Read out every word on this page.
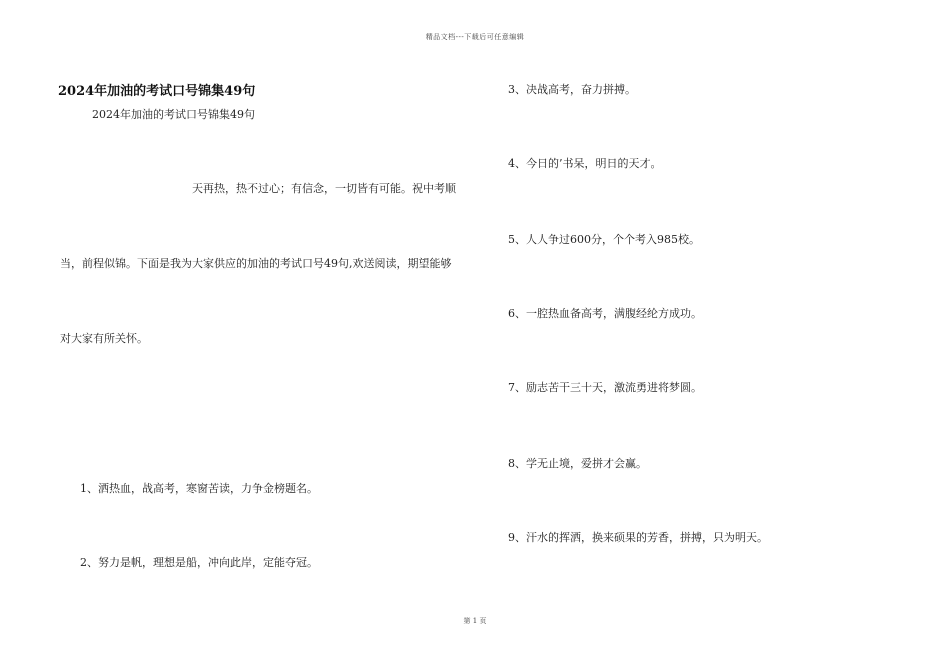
精品文档---下载后可任意编辑
2024年加油的考试口号锦集49句
2024年加油的考试口号锦集49句
天再热，热不过心；有信念，一切皆有可能。祝中考顺
当，前程似锦。下面是我为大家供应的加油的考试口号49句,欢送阅读，期望能够
对大家有所关怀。
1、洒热血，战高考，寒窗苦读，力争金榜题名。
2、努力是帆，理想是船，冲向此岸，定能夺冠。
3、决战高考，奋力拼搏。
4、今日的’书呆，明日的天才。
5、人人争过600分，个个考入985校。
6、一腔热血备高考，满腹经纶方成功。
7、励志苦干三十天，激流勇进将梦圆。
8、学无止境，爱拼才会赢。
9、汗水的挥洒，换来硕果的芳香，拼搏，只为明天。
第 1 页
